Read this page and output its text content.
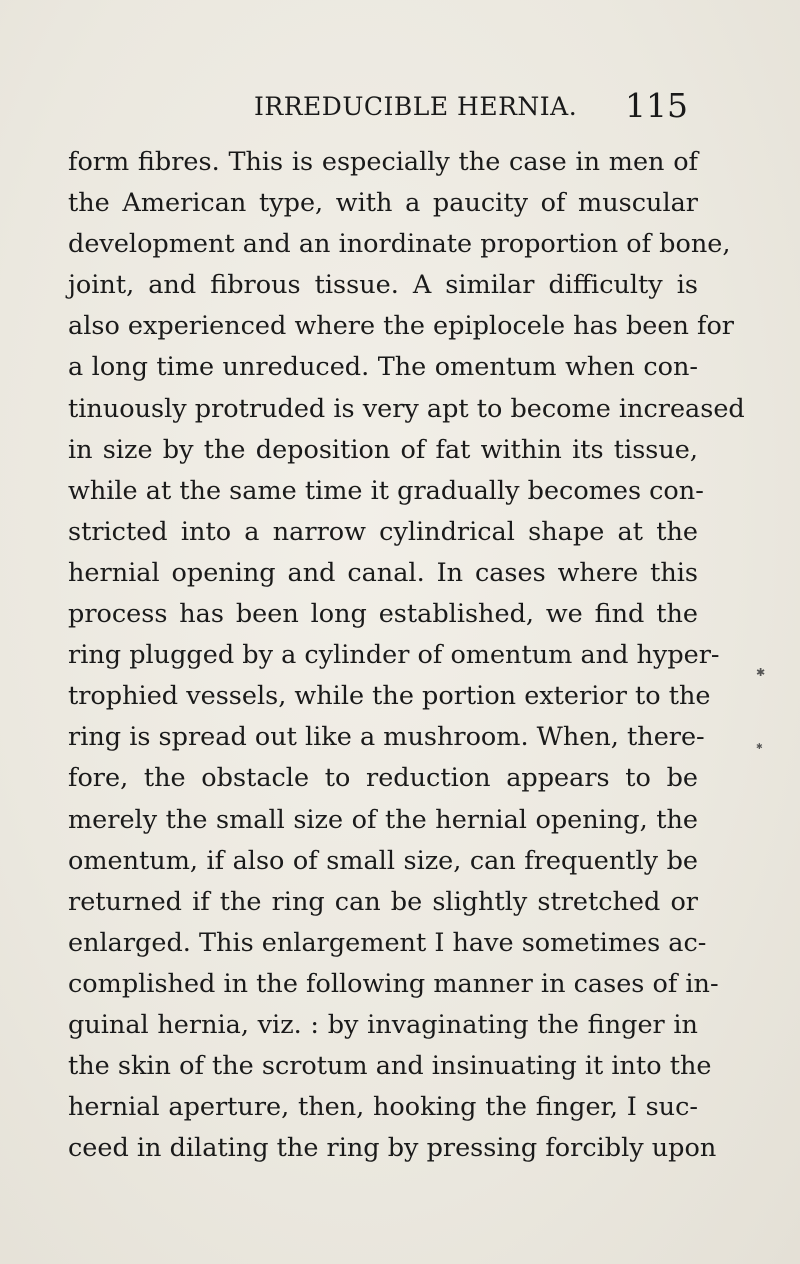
IRREDUCIBLE HERNIA. 115
form fibres. This is especially the case in men of
the American type, with a paucity of muscular
development and an inordinate proportion of bone,
joint, and fibrous tissue. A similar difficulty is
also experienced where the epiplocele has been for
a long time unreduced. The omentum when con-
tinuously protruded is very apt to become increased
in size by the deposition of fat within its tissue,
while at the same time it gradually becomes con-
stricted into a narrow cylindrical shape at the
hernial opening and canal. In cases where this
process has been long established, we find the
ring plugged by a cylinder of omentum and hyper-
trophied vessels, while the portion exterior to the
ring is spread out like a mushroom. When, there-
fore, the obstacle to reduction appears to be
merely the small size of the hernial opening, the
omentum, if also of small size, can frequently be
returned if the ring can be slightly stretched or
enlarged. This enlargement I have sometimes ac-
complished in the following manner in cases of in-
guinal hernia, viz. : by invaginating the finger in
the skin of the scrotum and insinuating it into the
hernial aperture, then, hooking the finger, I suc-
ceed in dilating the ring by pressing forcibly upon
✱
✱
